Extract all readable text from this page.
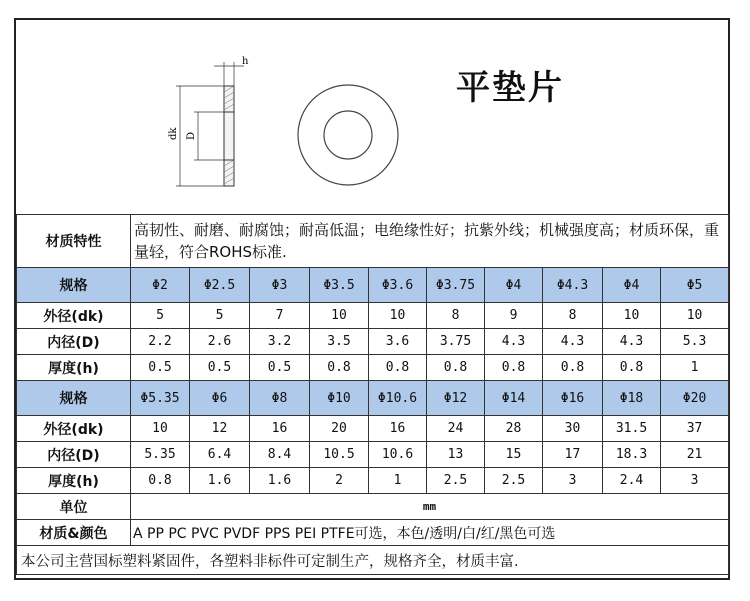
h
dk D
平垫片
材质特性	高韧性、耐磨、耐腐蚀；耐高低温；电绝缘性好；抗紫外线；机械强度高；材质环保，重量轻，符合ROHS标准.									
规格	Φ2	Φ2.5	Φ3	Φ3.5	Φ3.6	Φ3.75	Φ4	Φ4.3	Φ4	Φ5
外径(dk)	5	5	7	10	10	8	9	8	10	10
内径(D)	2.2	2.6	3.2	3.5	3.6	3.75	4.3	4.3	4.3	5.3
厚度(h)	0.5	0.5	0.5	0.8	0.8	0.8	0.8	0.8	0.8	1
规格	Φ5.35	Φ6	Φ8	Φ10	Φ10.6	Φ12	Φ14	Φ16	Φ18	Φ20
外径(dk)	10	12	16	20	16	24	28	30	31.5	37
内径(D)	5.35	6.4	8.4	10.5	10.6	13	15	17	18.3	21
厚度(h)	0.8	1.6	1.6	2	1	2.5	2.5	3	2.4	3
单位	mm									
材质&颜色	A PP PC PVC PVDF PPS PEI PTFE可选，本色/透明/白/红/黑色可选									
本公司主营国标塑料紧固件，各塑料非标件可定制生产，规格齐全，材质丰富.										
